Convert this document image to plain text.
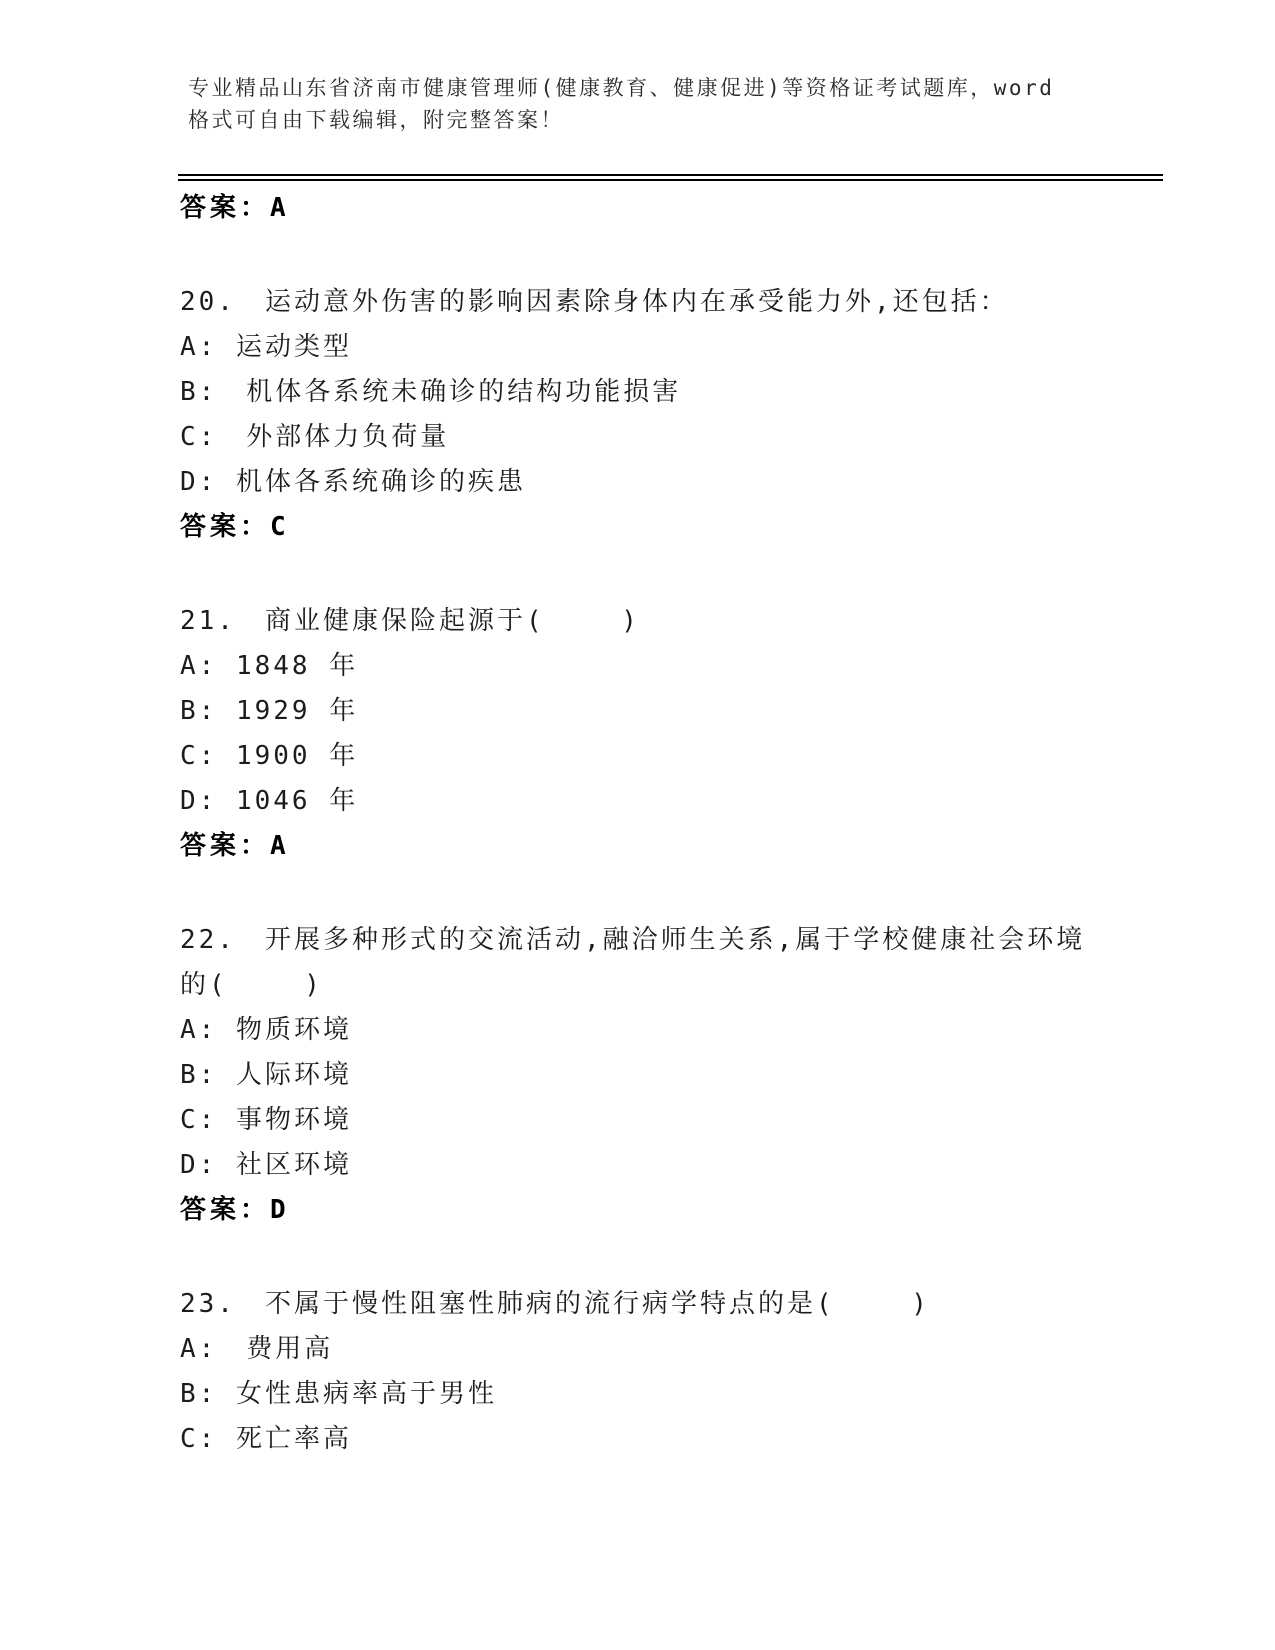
专业精品山东省济南市健康管理师(健康教育、健康促进)等资格证考试题库，word
格式可自由下载编辑，附完整答案！
答案：A
20.　运动意外伤害的影响因素除身体内在承受能力外,还包括：
A: 运动类型
B:　机体各系统未确诊的结构功能损害
C:　外部体力负荷量
D: 机体各系统确诊的疾患
答案：C
21.　商业健康保险起源于(　　 )
A: 1848 年
B: 1929 年
C: 1900 年
D: 1046 年
答案：A
22.　开展多种形式的交流活动,融洽师生关系,属于学校健康社会环境
的(　　 )
A: 物质环境
B: 人际环境
C: 事物环境
D: 社区环境
答案：D
23.　不属于慢性阻塞性肺病的流行病学特点的是(　　 )
A:　费用高
B: 女性患病率高于男性
C: 死亡率高
